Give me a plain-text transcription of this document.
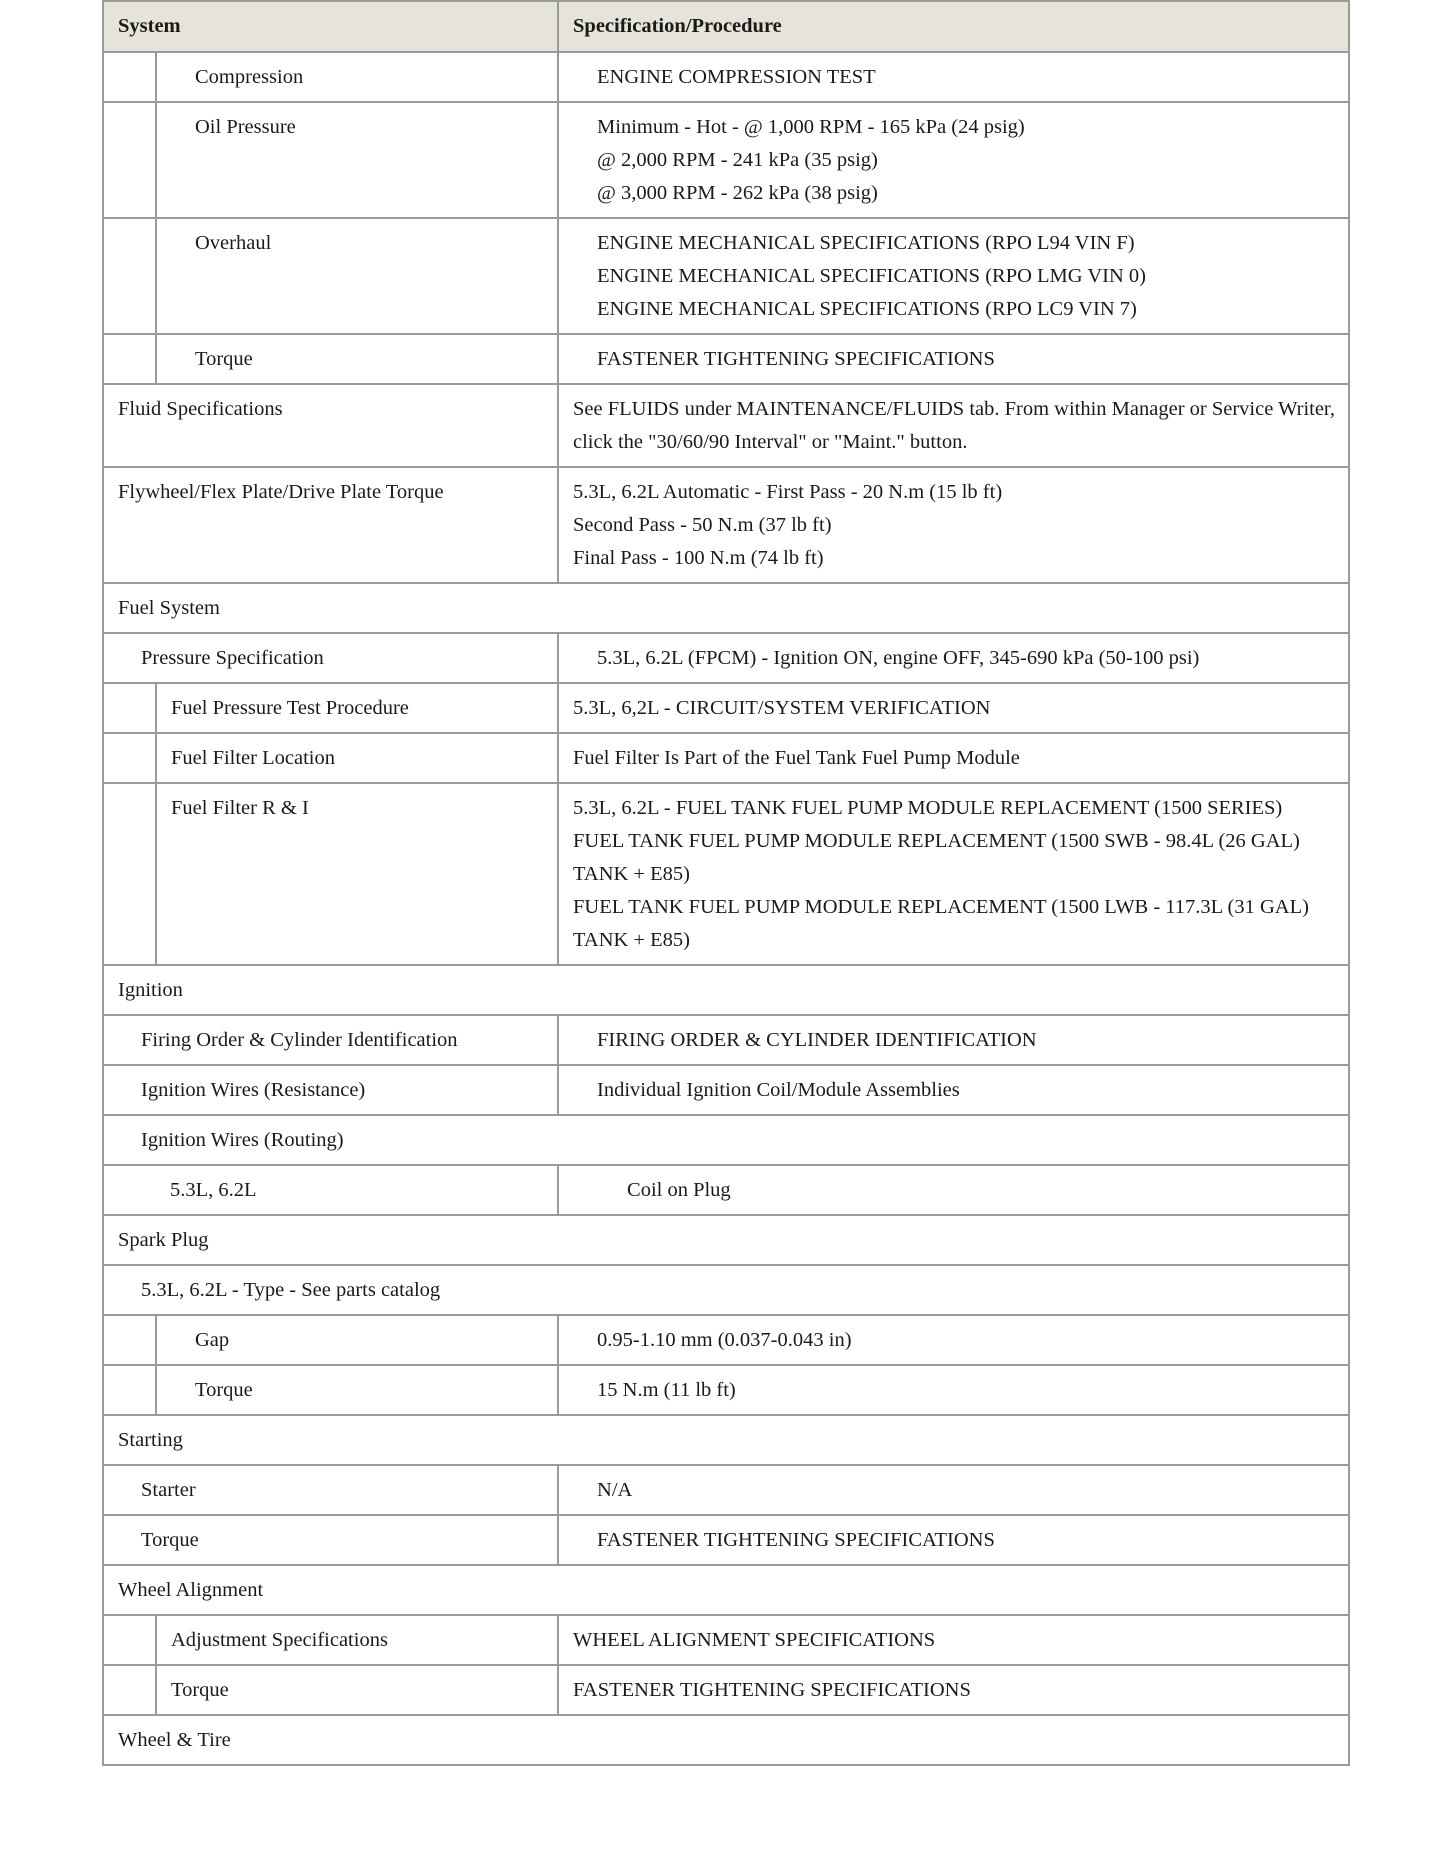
System		Specification/Procedure
	Compression	ENGINE COMPRESSION TEST
	Oil Pressure	Minimum - Hot - @ 1,000 RPM - 165 kPa (24 psig)
@ 2,000 RPM - 241 kPa (35 psig)
@ 3,000 RPM - 262 kPa (38 psig)
	Overhaul	ENGINE MECHANICAL SPECIFICATIONS (RPO L94 VIN F)
ENGINE MECHANICAL SPECIFICATIONS (RPO LMG VIN 0)
ENGINE MECHANICAL SPECIFICATIONS (RPO LC9 VIN 7)
	Torque	FASTENER TIGHTENING SPECIFICATIONS
Fluid Specifications		See FLUIDS under MAINTENANCE/FLUIDS tab. From within Manager or Service Writer, click the "30/60/90 Interval" or "Maint." button.
Flywheel/Flex Plate/Drive Plate Torque		5.3L, 6.2L Automatic - First Pass - 20 N.m (15 lb ft)
Second Pass - 50 N.m (37 lb ft)
Final Pass - 100 N.m (74 lb ft)
Fuel System		
Pressure Specification		5.3L, 6.2L (FPCM) - Ignition ON, engine OFF, 345-690 kPa (50-100 psi)
	Fuel Pressure Test Procedure	5.3L, 6,2L - CIRCUIT/SYSTEM VERIFICATION
	Fuel Filter Location	Fuel Filter Is Part of the Fuel Tank Fuel Pump Module
	Fuel Filter R & I	5.3L, 6.2L - FUEL TANK FUEL PUMP MODULE REPLACEMENT (1500 SERIES)
FUEL TANK FUEL PUMP MODULE REPLACEMENT (1500 SWB - 98.4L (26 GAL) TANK + E85)
FUEL TANK FUEL PUMP MODULE REPLACEMENT (1500 LWB - 117.3L (31 GAL) TANK + E85)
Ignition		
Firing Order & Cylinder Identification		FIRING ORDER & CYLINDER IDENTIFICATION
Ignition Wires (Resistance)		Individual Ignition Coil/Module Assemblies
Ignition Wires (Routing)		
5.3L, 6.2L		Coil on Plug
Spark Plug		
5.3L, 6.2L - Type - See parts catalog		
	Gap	0.95-1.10 mm (0.037-0.043 in)
	Torque	15 N.m (11 lb ft)
Starting		
Starter		N/A
Torque		FASTENER TIGHTENING SPECIFICATIONS
Wheel Alignment		
	Adjustment Specifications	WHEEL ALIGNMENT SPECIFICATIONS
	Torque	FASTENER TIGHTENING SPECIFICATIONS
Wheel & Tire		
